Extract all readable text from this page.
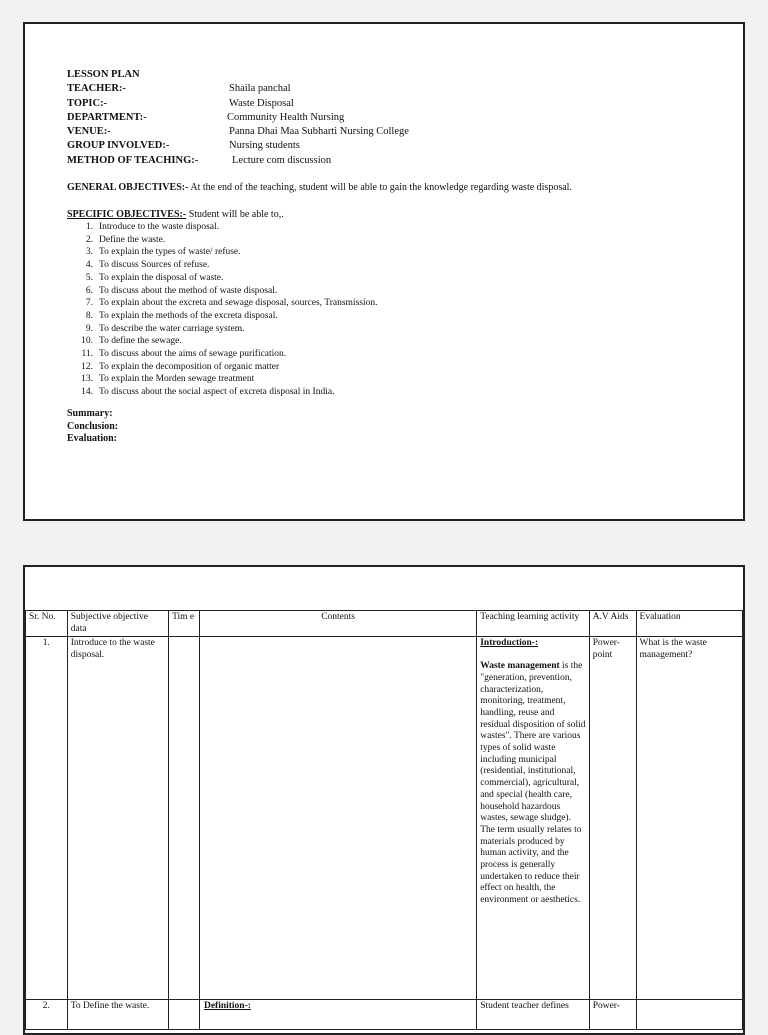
LESSON PLAN
TEACHER:-	Shaila panchal
TOPIC:-	Waste Disposal
DEPARTMENT:-	Community Health Nursing
VENUE:-	Panna Dhai Maa Subharti Nursing College
GROUP INVOLVED:-	Nursing students
METHOD OF TEACHING:-	Lecture com discussion
GENERAL OBJECTIVES:- At the end of the teaching, student will be able to gain the knowledge regarding waste disposal.
SPECIFIC OBJECTIVES:- Student will be able to,.
1. Introduce to the waste disposal.
2. Define the waste.
3. To explain the types of waste/ refuse.
4. To discuss Sources of refuse.
5. To explain the disposal of waste.
6. To discuss about the method of waste disposal.
7. To explain about the excreta and sewage disposal, sources, Transmission.
8. To explain the methods of the excreta disposal.
9. To describe the water carriage system.
10. To define the sewage.
11. To discuss about the aims of sewage purification.
12. To explain the decomposition of organic matter
13. To explain the Morden sewage treatment
14. To discuss about the social aspect of excreta disposal in India.
Summary:
Conclusion:
Evaluation:
Sr. No.	Subjective objective data	Tim e	Contents	Teaching learning activity	A.V Aids	Evaluation
1.	Introduce to the waste disposal.			Introduction-:
Waste management is the "generation, prevention, characterization, monitoring, treatment, handling, reuse and residual disposition of solid wastes". There are various types of solid waste including municipal (residential, institutional, commercial), agricultural, and special (health care, household hazardous wastes, sewage sludge).
The term usually relates to materials produced by human activity, and the process is generally undertaken to reduce their effect on health, the environment or aesthetics.	Power-point	What is the waste management?
2.	To Define the waste.		Definition-:	Student teacher defines	Power-	
